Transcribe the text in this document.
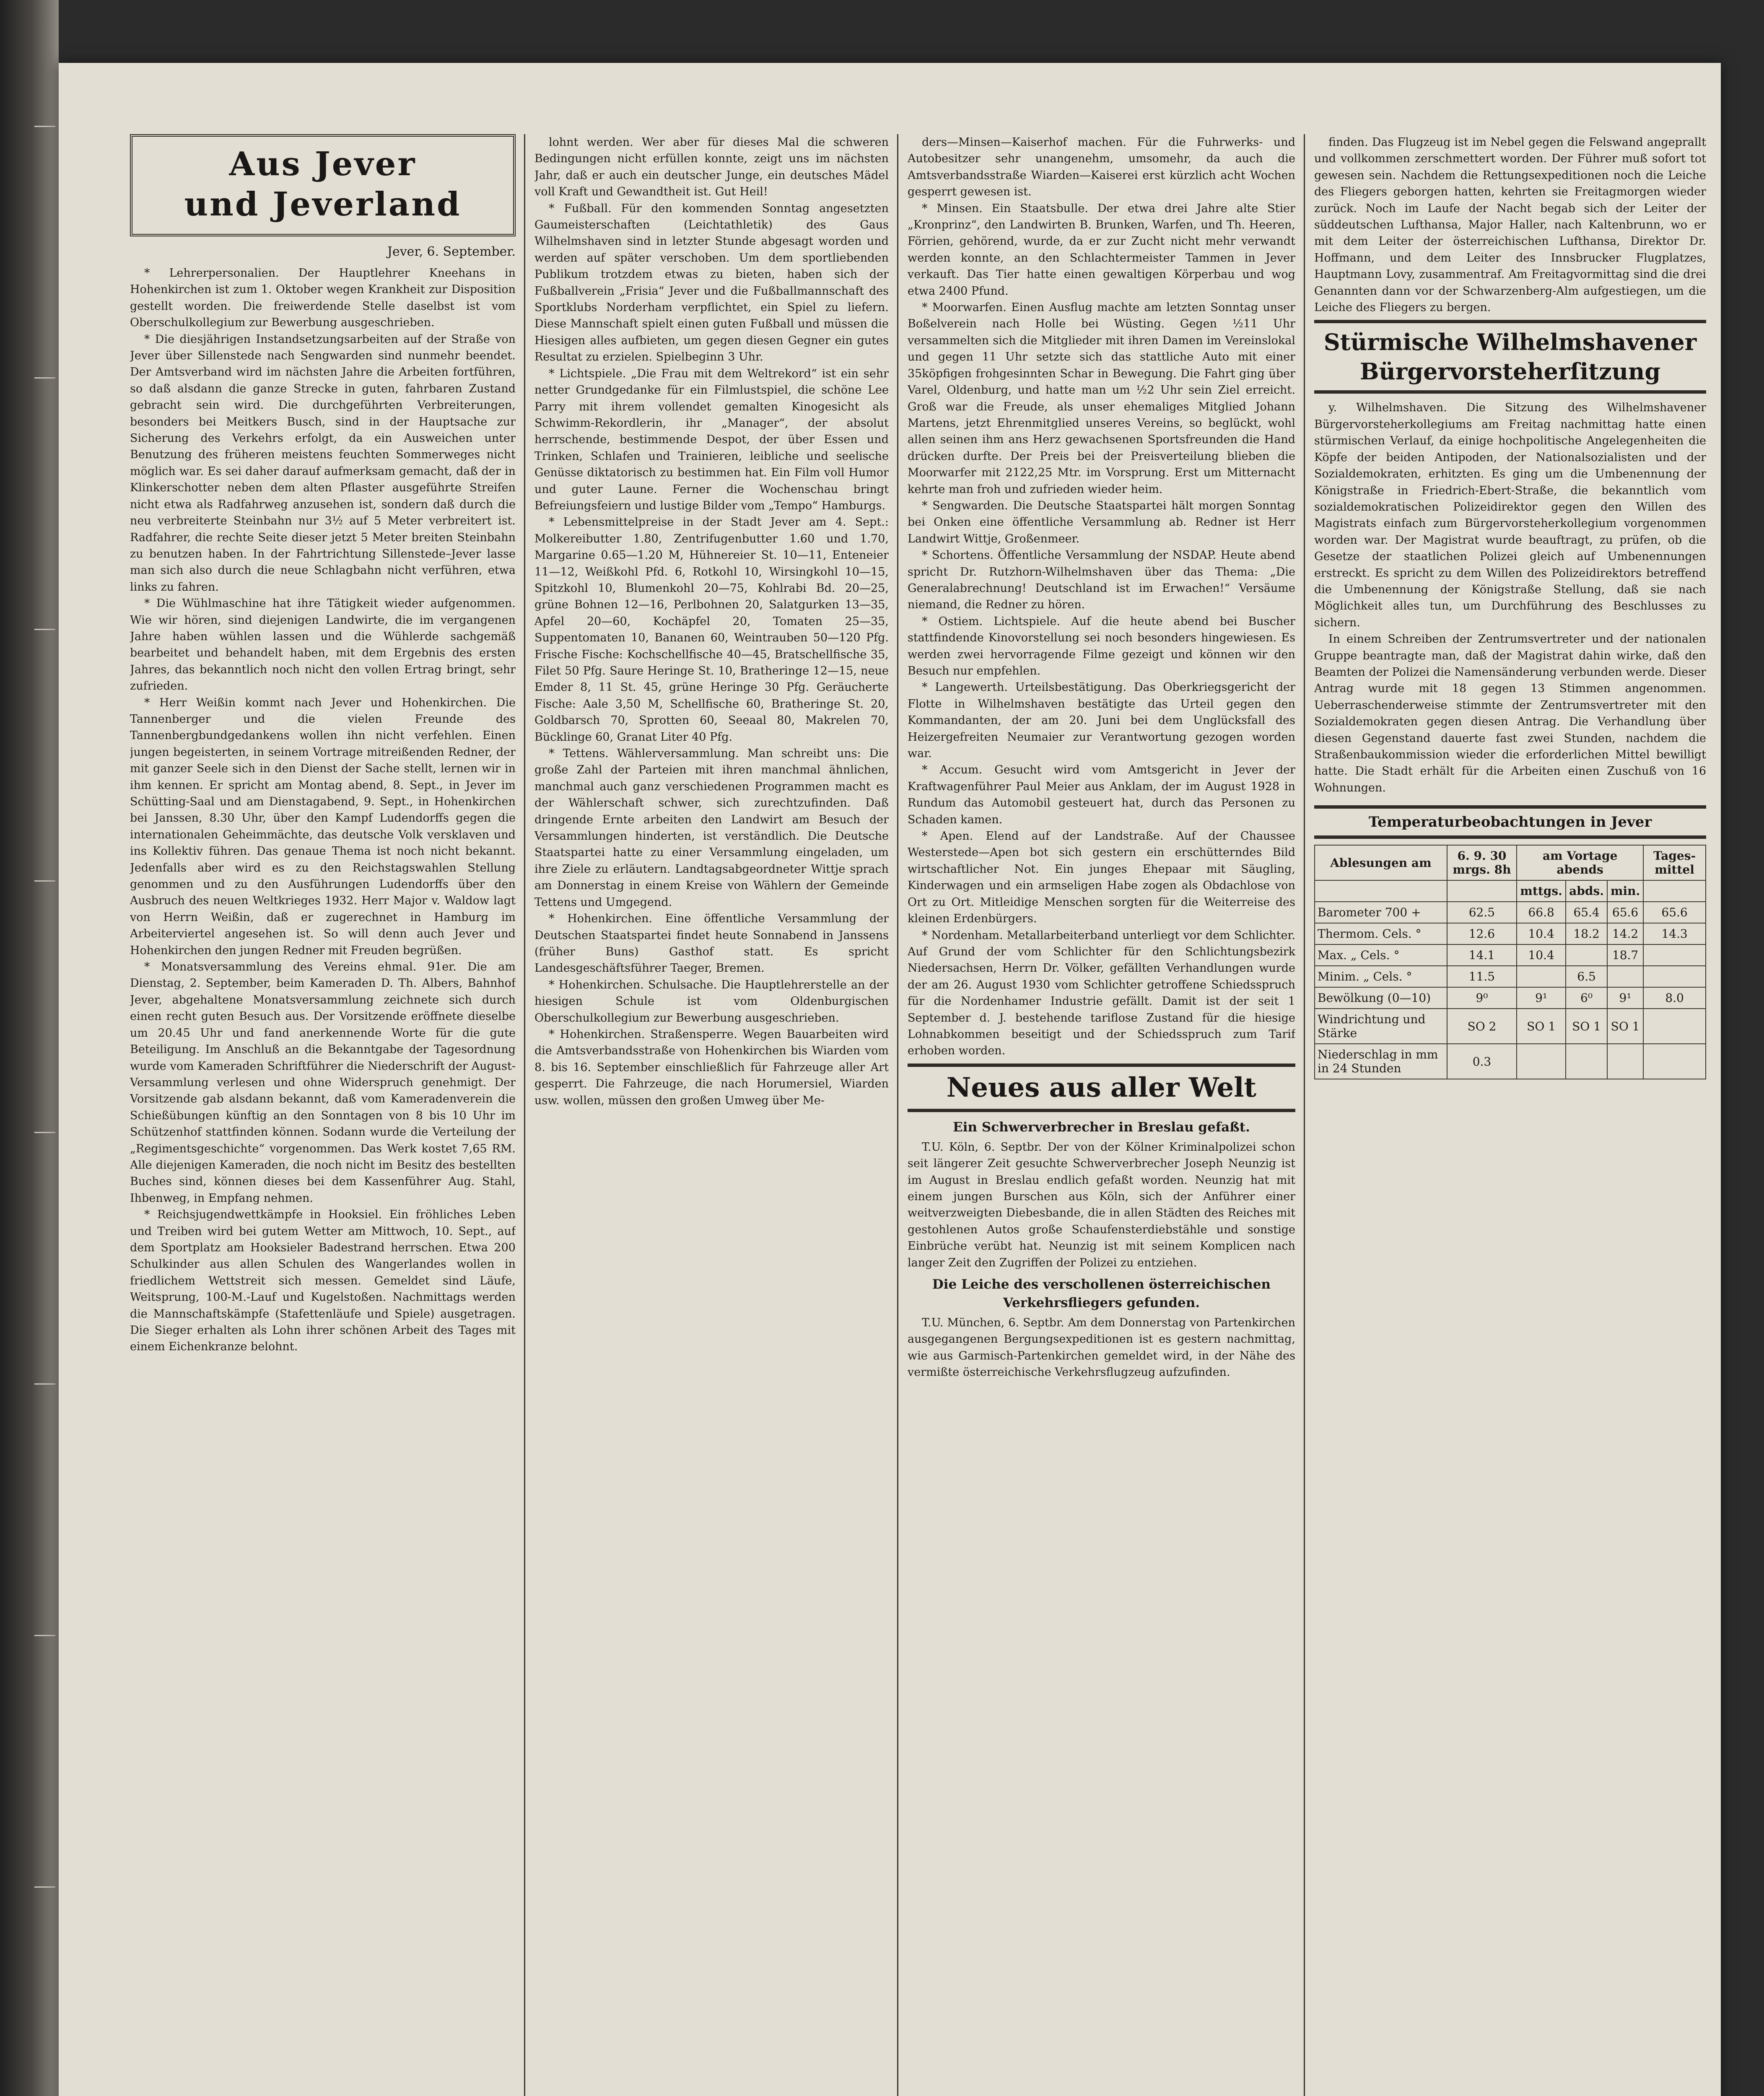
Aus Jever
und Jeverland

Jever, 6. September.

* Lehrerpersonalien. Der Hauptlehrer Kneehans in Hohenkirchen ist zum 1. Oktober wegen Krankheit zur Disposition gestellt worden. Die freiwerdende Stelle daselbst ist vom Oberschulkollegium zur Bewerbung ausgeschrieben.

* Die diesjährigen Instandsetzungsarbeiten auf der Straße von Jever über Sillenstede nach Sengwarden sind nunmehr beendet. Der Amtsverband wird im nächsten Jahre die Arbeiten fortführen, so daß alsdann die ganze Strecke in guten, fahrbaren Zustand gebracht sein wird. Die durchgeführten Verbreiterungen, besonders bei Meitkers Busch, sind in der Hauptsache zur Sicherung des Verkehrs erfolgt, da ein Ausweichen unter Benutzung des früheren meistens feuchten Sommerweges nicht möglich war. Es sei daher darauf aufmerksam gemacht, daß der in Klinkerschotter neben dem alten Pflaster ausgeführte Streifen nicht etwa als Radfahrweg anzusehen ist, sondern daß durch die neu verbreiterte Steinbahn nur 3½ auf 5 Meter verbreitert ist. Radfahrer, die rechte Seite dieser jetzt 5 Meter breiten Steinbahn zu benutzen haben. In der Fahrtrichtung Sillenstede–Jever lasse man sich also durch die neue Schlagbahn nicht verführen, etwa links zu fahren.

* Die Wühlmaschine hat ihre Tätigkeit wieder aufgenommen. Wie wir hören, sind diejenigen Landwirte, die im vergangenen Jahre haben wühlen lassen und die Wühlerde sachgemäß bearbeitet und behandelt haben, mit dem Ergebnis des ersten Jahres, das bekanntlich noch nicht den vollen Ertrag bringt, sehr zufrieden.

* Herr Weißin kommt nach Jever und Hohenkirchen. Die Tannenberger und die vielen Freunde des Tannenbergbundgedankens wollen ihn nicht verfehlen. Einen jungen begeisterten, in seinem Vortrage mitreißenden Redner, der mit ganzer Seele sich in den Dienst der Sache stellt, lernen wir in ihm kennen. Er spricht am Montag abend, 8. Sept., in Jever im Schütting-Saal und am Dienstagabend, 9. Sept., in Hohenkirchen bei Janssen, 8.30 Uhr, über den Kampf Ludendorffs gegen die internationalen Geheimmächte, das deutsche Volk versklaven und ins Kollektiv führen. Das genaue Thema ist noch nicht bekannt. Jedenfalls aber wird es zu den Reichstagswahlen Stellung genommen und zu den Ausführungen Ludendorffs über den Ausbruch des neuen Weltkrieges 1932. Herr Major v. Waldow lagt von Herrn Weißin, daß er zugerechnet in Hamburg im Arbeiterviertel angesehen ist. So will denn auch Jever und Hohenkirchen den jungen Redner mit Freuden begrüßen.

* Monatsversammlung des Vereins ehmal. 91er. Die am Dienstag, 2. September, beim Kameraden D. Th. Albers, Bahnhof Jever, abgehaltene Monatsversammlung zeichnete sich durch einen recht guten Besuch aus. Der Vorsitzende eröffnete dieselbe um 20.45 Uhr und fand anerkennende Worte für die gute Beteiligung. Im Anschluß an die Bekanntgabe der Tagesordnung wurde vom Kameraden Schriftführer die Niederschrift der August-Versammlung verlesen und ohne Widerspruch genehmigt. Der Vorsitzende gab alsdann bekannt, daß vom Kameradenverein die Schießübungen künftig an den Sonntagen von 8 bis 10 Uhr im Schützenhof stattfinden können. Sodann wurde die Verteilung der „Regimentsgeschichte“ vorgenommen. Das Werk kostet 7,65 RM. Alle diejenigen Kameraden, die noch nicht im Besitz des bestellten Buches sind, können dieses bei dem Kassenführer Aug. Stahl, Ihbenweg, in Empfang nehmen.

* Reichsjugendwettkämpfe in Hooksiel. Ein fröhliches Leben und Treiben wird bei gutem Wetter am Mittwoch, 10. Sept., auf dem Sportplatz am Hooksieler Badestrand herrschen. Etwa 200 Schulkinder aus allen Schulen des Wangerlandes wollen in friedlichem Wettstreit sich messen. Gemeldet sind Läufe, Weitsprung, 100-M.-Lauf und Kugelstoßen. Nachmittags werden die Mannschaftskämpfe (Stafettenläufe und Spiele) ausgetragen. Die Sieger erhalten als Lohn ihrer schönen Arbeit des Tages mit einem Eichenkranze belohnt.

lohnt werden. Wer aber für dieses Mal die schweren Bedingungen nicht erfüllen konnte, zeigt uns im nächsten Jahr, daß er auch ein deutscher Junge, ein deutsches Mädel voll Kraft und Gewandtheit ist. Gut Heil!

* Fußball. Für den kommenden Sonntag angesetzten Gaumeisterschaften (Leichtathletik) des Gaus Wilhelmshaven sind in letzter Stunde abgesagt worden und werden auf später verschoben. Um dem sportliebenden Publikum trotzdem etwas zu bieten, haben sich der Fußballverein „Frisia“ Jever und die Fußballmannschaft des Sportklubs Norderham verpflichtet, ein Spiel zu liefern. Diese Mannschaft spielt einen guten Fußball und müssen die Hiesigen alles aufbieten, um gegen diesen Gegner ein gutes Resultat zu erzielen. Spielbeginn 3 Uhr.

* Lichtspiele. „Die Frau mit dem Weltrekord“ ist ein sehr netter Grundgedanke für ein Filmlustspiel, die schöne Lee Parry mit ihrem vollendet gemalten Kinogesicht als Schwimm-Rekordlerin, ihr „Manager“, der absolut herrschende, bestimmende Despot, der über Essen und Trinken, Schlafen und Trainieren, leibliche und seelische Genüsse diktatorisch zu bestimmen hat. Ein Film voll Humor und guter Laune. Ferner die Wochenschau bringt Befreiungsfeiern und lustige Bilder vom „Tempo“ Hamburgs.

* Lebensmittelpreise in der Stadt Jever am 4. Sept.: Molkereibutter 1.80, Zentrifugenbutter 1.60 und 1.70, Margarine 0.65—1.20 M, Hühnereier St. 10—11, Enteneier 11—12, Weißkohl Pfd. 6, Rotkohl 10, Wirsingkohl 10—15, Spitzkohl 10, Blumenkohl 20—75, Kohlrabi Bd. 20—25, grüne Bohnen 12—16, Perlbohnen 20, Salatgurken 13—35, Apfel 20—60, Kochäpfel 20, Tomaten 25—35, Suppentomaten 10, Bananen 60, Weintrauben 50—120 Pfg. Frische Fische: Kochschellfische 40—45, Bratschellfische 35, Filet 50 Pfg. Saure Heringe St. 10, Bratheringe 12—15, neue Emder 8, 11 St. 45, grüne Heringe 30 Pfg. Geräucherte Fische: Aale 3,50 M, Schellfische 60, Bratheringe St. 20, Goldbarsch 70, Sprotten 60, Seeaal 80, Makrelen 70, Bücklinge 60, Granat Liter 40 Pfg.

* Tettens. Wählerversammlung. Man schreibt uns: Die große Zahl der Parteien mit ihren manchmal ähnlichen, manchmal auch ganz verschiedenen Programmen macht es der Wählerschaft schwer, sich zurechtzufinden. Daß dringende Ernte arbeiten den Landwirt am Besuch der Versammlungen hinderten, ist verständlich. Die Deutsche Staatspartei hatte zu einer Versammlung eingeladen, um ihre Ziele zu erläutern. Landtagsabgeordneter Wittje sprach am Donnerstag in einem Kreise von Wählern der Gemeinde Tettens und Umgegend.

* Hohenkirchen. Eine öffentliche Versammlung der Deutschen Staatspartei findet heute Sonnabend in Janssens (früher Buns) Gasthof statt. Es spricht Landesgeschäftsführer Taeger, Bremen.

* Hohenkirchen. Schulsache. Die Hauptlehrerstelle an der hiesigen Schule ist vom Oldenburgischen Oberschulkollegium zur Bewerbung ausgeschrieben.

* Hohenkirchen. Straßensperre. Wegen Bauarbeiten wird die Amtsverbandsstraße von Hohenkirchen bis Wiarden vom 8. bis 16. September einschließlich für Fahrzeuge aller Art gesperrt. Die Fahrzeuge, die nach Horumersiel, Wiarden usw. wollen, müssen den großen Umweg über Me-

ders—Minsen—Kaiserhof machen. Für die Fuhrwerks- und Autobesitzer sehr unangenehm, umsomehr, da auch die Amtsverbandsstraße Wiarden—Kaiserei erst kürzlich acht Wochen gesperrt gewesen ist.

* Minsen. Ein Staatsbulle. Der etwa drei Jahre alte Stier „Kronprinz“, den Landwirten B. Brunken, Warfen, und Th. Heeren, Förrien, gehörend, wurde, da er zur Zucht nicht mehr verwandt werden konnte, an den Schlachtermeister Tammen in Jever verkauft. Das Tier hatte einen gewaltigen Körperbau und wog etwa 2400 Pfund.

* Moorwarfen. Einen Ausflug machte am letzten Sonntag unser Boßelverein nach Holle bei Wüsting. Gegen ½11 Uhr versammelten sich die Mitglieder mit ihren Damen im Vereinslokal und gegen 11 Uhr setzte sich das stattliche Auto mit einer 35köpfigen frohgesinnten Schar in Bewegung. Die Fahrt ging über Varel, Oldenburg, und hatte man um ½2 Uhr sein Ziel erreicht. Groß war die Freude, als unser ehemaliges Mitglied Johann Martens, jetzt Ehrenmitglied unseres Vereins, so beglückt, wohl allen seinen ihm ans Herz gewachsenen Sportsfreunden die Hand drücken durfte. Der Preis bei der Preisverteilung blieben die Moorwarfer mit 2122,25 Mtr. im Vorsprung. Erst um Mitternacht kehrte man froh und zufrieden wieder heim.

* Sengwarden. Die Deutsche Staatspartei hält morgen Sonntag bei Onken eine öffentliche Versammlung ab. Redner ist Herr Landwirt Wittje, Großenmeer.

* Schortens. Öffentliche Versammlung der NSDAP. Heute abend spricht Dr. Rutzhorn-Wilhelmshaven über das Thema: „Die Generalabrechnung! Deutschland ist im Erwachen!“ Versäume niemand, die Redner zu hören.

* Ostiem. Lichtspiele. Auf die heute abend bei Buscher stattfindende Kinovorstellung sei noch besonders hingewiesen. Es werden zwei hervorragende Filme gezeigt und können wir den Besuch nur empfehlen.

* Langewerth. Urteilsbestätigung. Das Oberkriegsgericht der Flotte in Wilhelmshaven bestätigte das Urteil gegen den Kommandanten, der am 20. Juni bei dem Unglücksfall des Heizergefreiten Neumaier zur Verantwortung gezogen worden war.

* Accum. Gesucht wird vom Amtsgericht in Jever der Kraftwagenführer Paul Meier aus Anklam, der im August 1928 in Rundum das Automobil gesteuert hat, durch das Personen zu Schaden kamen.

* Apen. Elend auf der Landstraße. Auf der Chaussee Westerstede—Apen bot sich gestern ein erschütterndes Bild wirtschaftlicher Not. Ein junges Ehepaar mit Säugling, Kinderwagen und ein armseligen Habe zogen als Obdachlose von Ort zu Ort. Mitleidige Menschen sorgten für die Weiterreise des kleinen Erdenbürgers.

* Nordenham. Metallarbeiterband unterliegt vor dem Schlichter. Auf Grund der vom Schlichter für den Schlichtungsbezirk Niedersachsen, Herrn Dr. Völker, gefällten Verhandlungen wurde der am 26. August 1930 vom Schlichter getroffene Schiedsspruch für die Nordenhamer Industrie gefällt. Damit ist der seit 1 September d. J. bestehende tariflose Zustand für die hiesige Lohnabkommen beseitigt und der Schiedsspruch zum Tarif erhoben worden.

Neues aus aller Welt

Ein Schwerverbrecher in Breslau gefaßt.

T.U. Köln, 6. Septbr. Der von der Kölner Kriminalpolizei schon seit längerer Zeit gesuchte Schwerverbrecher Joseph Neunzig ist im August in Breslau endlich gefaßt worden. Neunzig hat mit einem jungen Burschen aus Köln, sich der Anführer einer weitverzweigten Diebesbande, die in allen Städten des Reiches mit gestohlenen Autos große Schaufensterdiebstähle und sonstige Einbrüche verübt hat. Neunzig ist mit seinem Komplicen nach langer Zeit den Zugriffen der Polizei zu entziehen.

Die Leiche des verschollenen österreichischen Verkehrsfliegers gefunden.

T.U. München, 6. Septbr. Am dem Donnerstag von Partenkirchen ausgegangenen Bergungsexpeditionen ist es gestern nachmittag, wie aus Garmisch-Partenkirchen gemeldet wird, in der Nähe des vermißte österreichische Verkehrsflugzeug aufzufinden.

finden. Das Flugzeug ist im Nebel gegen die Felswand angeprallt und vollkommen zerschmettert worden. Der Führer muß sofort tot gewesen sein. Nachdem die Rettungsexpeditionen noch die Leiche des Fliegers geborgen hatten, kehrten sie Freitagmorgen wieder zurück. Noch im Laufe der Nacht begab sich der Leiter der süddeutschen Lufthansa, Major Haller, nach Kaltenbrunn, wo er mit dem Leiter der österreichischen Lufthansa, Direktor Dr. Hoffmann, und dem Leiter des Innsbrucker Flugplatzes, Hauptmann Lovy, zusammentraf. Am Freitagvormittag sind die drei Genannten dann vor der Schwarzenberg-Alm aufgestiegen, um die Leiche des Fliegers zu bergen.

Stürmische Wilhelmshavener Bürgervorsteherſitzung

y. Wilhelmshaven. Die Sitzung des Wilhelmshavener Bürgervorsteherkollegiums am Freitag nachmittag hatte einen stürmischen Verlauf, da einige hochpolitische Angelegenheiten die Köpfe der beiden Antipoden, der Nationalsozialisten und der Sozialdemokraten, erhitzten. Es ging um die Umbenennung der Königstraße in Friedrich-Ebert-Straße, die bekanntlich vom sozialdemokratischen Polizeidirektor gegen den Willen des Magistrats einfach zum Bürgervorsteherkollegium vorgenommen worden war. Der Magistrat wurde beauftragt, zu prüfen, ob die Gesetze der staatlichen Polizei gleich auf Umbenennungen erstreckt. Es spricht zu dem Willen des Polizeidirektors betreffend die Umbenennung der Königstraße Stellung, daß sie nach Möglichkeit alles tun, um Durchführung des Beschlusses zu sichern.

In einem Schreiben der Zentrumsvertreter und der nationalen Gruppe beantragte man, daß der Magistrat dahin wirke, daß den Beamten der Polizei die Namensänderung verbunden werde. Dieser Antrag wurde mit 18 gegen 13 Stimmen angenommen. Ueberraschenderweise stimmte der Zentrumsvertreter mit den Sozialdemokraten gegen diesen Antrag. Die Verhandlung über diesen Gegenstand dauerte fast zwei Stunden, nachdem die Straßenbaukommission wieder die erforderlichen Mittel bewilligt hatte. Die Stadt erhält für die Arbeiten einen Zuschuß von 16 Wohnungen.

Temperaturbeobachtungen in Jever
Ablesungen am	6. 9. 30 mrgs. 8h	am Vortage abends			Tages-mittel
		mttgs.	abds.	min.	
Barometer 700 +	62.5	66.8	65.4	65.6	65.6
Thermom. Cels. °	12.6	10.4	18.2	14.2	14.3
Max. „ Cels. °	14.1	10.4		18.7	
Minim. „ Cels. °	11.5		6.5		
Bewölkung (0—10)	9⁰	9¹	6⁰	9¹	8.0
Windrichtung und Stärke	SO 2	SO 1	SO 1	SO 1	
Niederschlag in mm in 24 Stunden	0.3				
